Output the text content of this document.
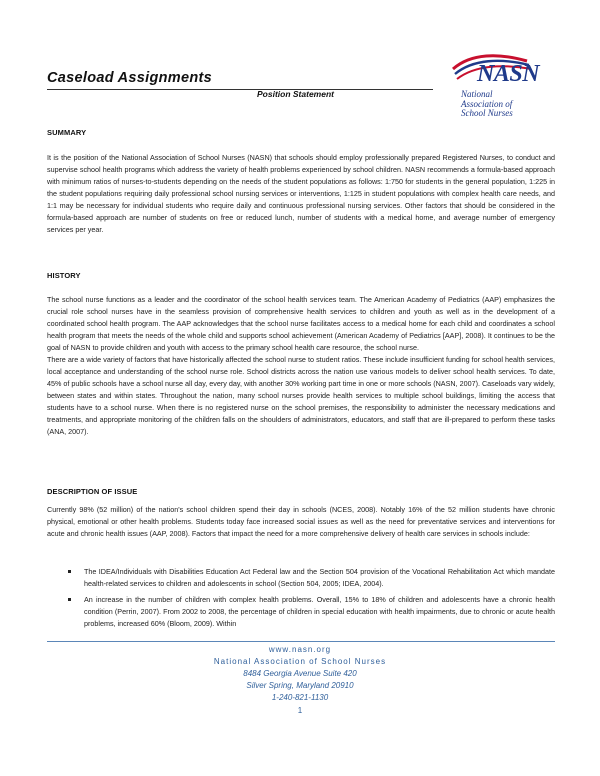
Caseload Assignments
Position Statement
NASN
National
Association of
School Nurses
SUMMARY
It is the position of the National Association of School Nurses (NASN) that schools should employ professionally prepared Registered Nurses, to conduct and supervise school health programs which address the variety of health problems experienced by school children. NASN recommends a formula-based approach with minimum ratios of nurses-to-students depending on the needs of the student populations as follows: 1:750 for students in the general population, 1:225 in the student populations requiring daily professional school nursing services or interventions, 1:125 in student populations with complex health care needs, and 1:1 may be necessary for individual students who require daily and continuous professional nursing services. Other factors that should be considered in the formula-based approach are number of students on free or reduced lunch, number of students with a medical home, and average number of emergency services per year.
HISTORY
The school nurse functions as a leader and the coordinator of the school health services team. The American Academy of Pediatrics (AAP) emphasizes the crucial role school nurses have in the seamless provision of comprehensive health services to children and youth as well as in the development of a coordinated school health program. The AAP acknowledges that the school nurse facilitates access to a medical home for each child and coordinates a school health program that meets the needs of the whole child and supports school achievement (American Academy of Pediatrics [AAP], 2008). It continues to be the goal of NASN to provide children and youth with access to the primary school health care resource, the school nurse.
There are a wide variety of factors that have historically affected the school nurse to student ratios. These include insufficient funding for school health services, local acceptance and understanding of the school nurse role. School districts across the nation use various models to deliver school health services. To date, 45% of public schools have a school nurse all day, every day, with another 30% working part time in one or more schools (NASN, 2007). Caseloads vary widely, between states and within states. Throughout the nation, many school nurses provide health services to multiple school buildings, limiting the access that students have to a school nurse. When there is no registered nurse on the school premises, the responsibility to administer the necessary medications and treatments, and appropriate monitoring of the children falls on the shoulders of administrators, educators, and staff that are ill-prepared to perform these tasks (ANA, 2007).
DESCRIPTION OF ISSUE
Currently 98% (52 million) of the nation's school children spend their day in schools (NCES, 2008). Notably 16% of the 52 million students have chronic physical, emotional or other health problems. Students today face increased social issues as well as the need for preventative services and interventions for acute and chronic health issues (AAP, 2008). Factors that impact the need for a more comprehensive delivery of health care services in schools include:
The IDEA/Individuals with Disabilities Education Act Federal law and the Section 504 provision of the Vocational Rehabilitation Act which mandate health-related services to children and adolescents in school (Section 504, 2005; IDEA, 2004).
An increase in the number of children with complex health problems. Overall, 15% to 18% of children and adolescents have a chronic health condition (Perrin, 2007). From 2002 to 2008, the percentage of children in special education with health impairments, due to chronic or acute health problems, increased 60% (Bloom, 2009). Within
www.nasn.org
National Association of School Nurses
8484 Georgia Avenue Suite 420
Silver Spring, Maryland 20910
1-240-821-1130
1
